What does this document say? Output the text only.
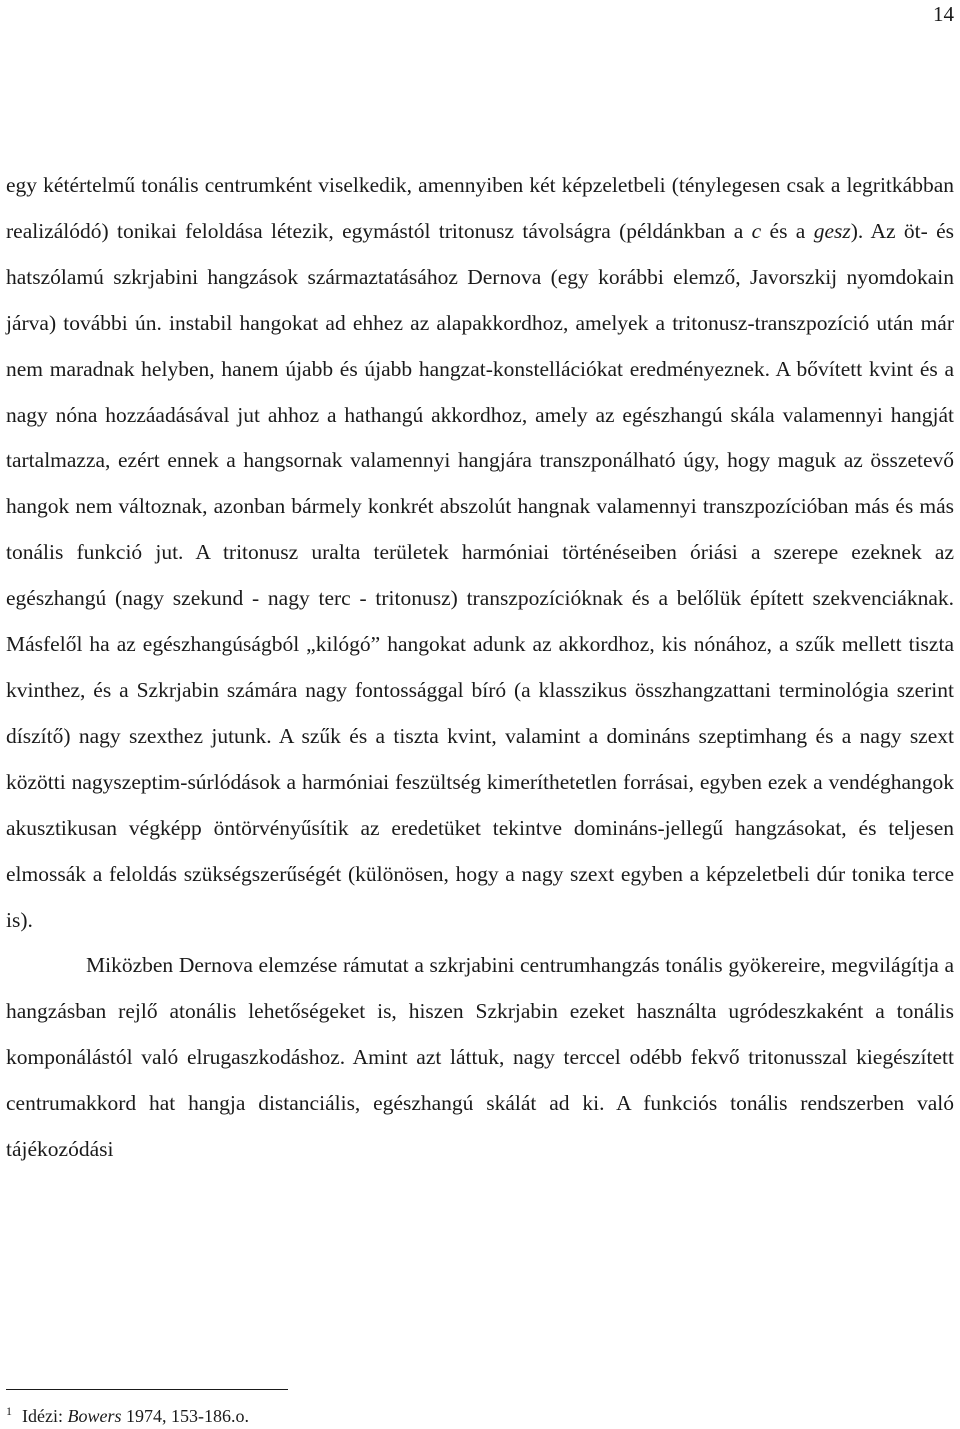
14

egy kétértelmű tonális centrumként viselkedik, amennyiben két képzeletbeli (ténylegesen csak a legritkábban realizálódó) tonikai feloldása létezik, egymástól tritonusz távolságra (példánkban a c és a gesz). Az öt- és hatszólamú szkrjabini hangzások származtatásához Dernova (egy korábbi elemző, Javorszkij nyomdokain járva) további ún. instabil hangokat ad ehhez az alapakkordhoz, amelyek a tritonusz-transzpozíció után már nem maradnak helyben, hanem újabb és újabb hangzat-konstellációkat eredményeznek. A bővített kvint és a nagy nóna hozzáadásával jut ahhoz a hathangú akkordhoz, amely az egészhangú skála valamennyi hangját tartalmazza, ezért ennek a hangsornak valamennyi hangjára transzponálható úgy, hogy maguk az összetevő hangok nem változnak, azonban bármely konkrét abszolút hangnak valamennyi transzpozícióban más és más tonális funkció jut. A tritonusz uralta területek harmóniai történéseiben óriási a szerepe ezeknek az egészhangú (nagy szekund - nagy terc - tritonusz) transzpozícióknak és a belőlük épített szekvenciáknak. Másfelől ha az egészhangúságból „kilógó” hangokat adunk az akkordhoz, kis nónához, a szűk mellett tiszta kvinthez, és a Szkrjabin számára nagy fontossággal bíró (a klasszikus összhangzattani terminológia szerint díszítő) nagy szexthez jutunk. A szűk és a tiszta kvint, valamint a domináns szeptimhang és a nagy szext közötti nagyszeptim-súrlódások a harmóniai feszültség kimeríthetetlen forrásai, egyben ezek a vendéghangok akusztikusan végképp öntörvényűsítik az eredetüket tekintve domináns-jellegű hangzásokat, és teljesen elmossák a feloldás szükségszerűségét (különösen, hogy a nagy szext egyben a képzeletbeli dúr tonika terce is).

Miközben Dernova elemzése rámutat a szkrjabini centrumhangzás tonális gyökereire, megvilágítja a hangzásban rejlő atonális lehetőségeket is, hiszen Szkrjabin ezeket használta ugródeszkaként a tonális komponálástól való elrugaszkodáshoz. Amint azt láttuk, nagy terccel odébb fekvő tritonusszal kiegészített centrumakkord hat hangja distanciális, egészhangú skálát ad ki. A funkciós tonális rendszerben való tájékozódási

$^1$ Idézi: Bowers 1974, 153-186.o.
